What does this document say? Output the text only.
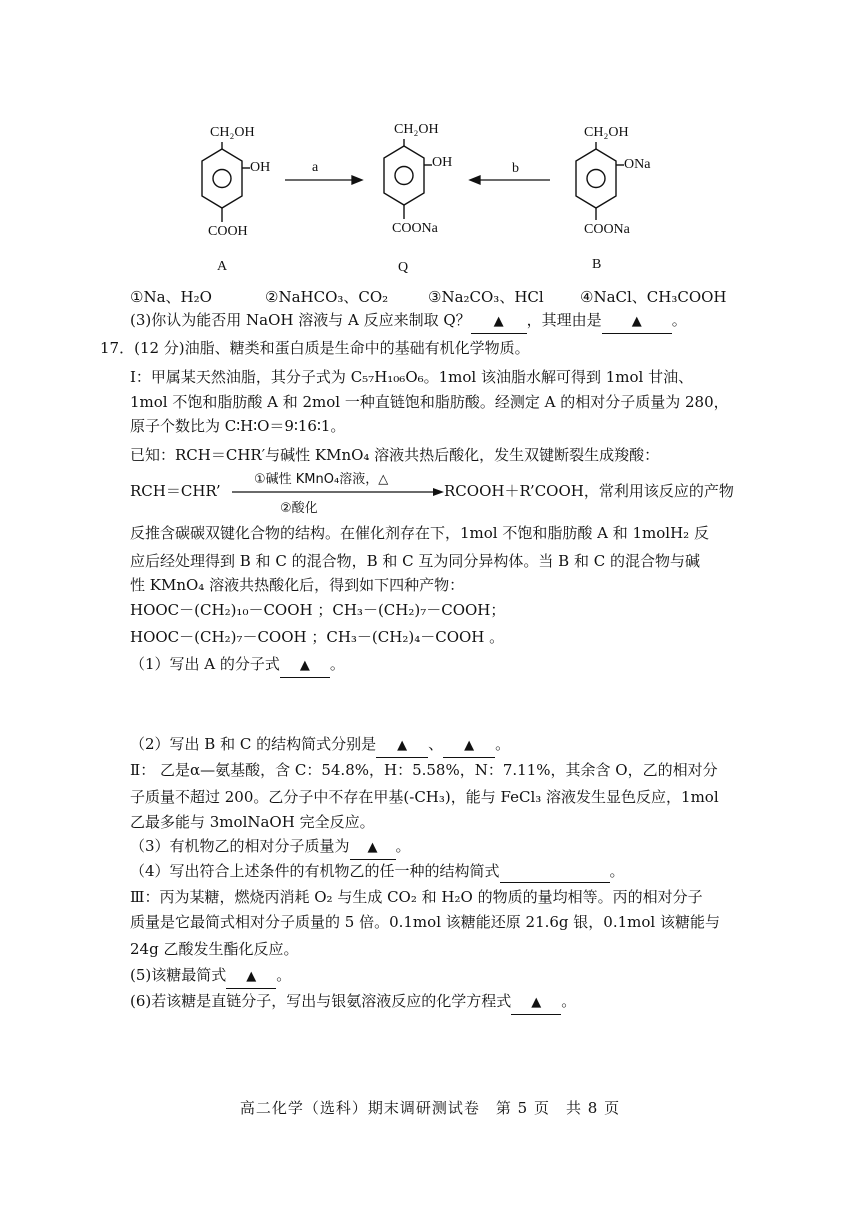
CH₂OH
OH
COOH
A
CH₂OH
OH
COONa
Q
CH₂OH
ONa
COONa
B
a	b
①Na、H₂O	②NaHCO₃、CO₂	③Na₂CO₃、HCl ④NaCl、CH₃COOH
(3)你认为能否用 NaOH 溶液与 A 反应来制取 Q？ ▲ ，其理由是 ▲ 。
17．(12 分)油脂、糖类和蛋白质是生命中的基础有机化学物质。
Ⅰ：甲属某天然油脂，其分子式为 C₅₇H₁₀₆O₆。1mol 该油脂水解可得到 1mol 甘油、
1mol 不饱和脂肪酸 A 和 2mol 一种直链饱和脂肪酸。经测定 A 的相对分子质量为 280，
原子个数比为 C∶H∶O＝9∶16∶1。
已知：RCH＝CHR′与碱性 KMnO₄ 溶液共热后酸化，发生双键断裂生成羧酸：
RCH＝CHR’
①碱性 KMnO₄溶液，△
②酸化
RCOOH＋R’COOH，常利用该反应的产物
反推含碳碳双键化合物的结构。在催化剂存在下，1mol 不饱和脂肪酸 A 和 1molH₂ 反
应后经处理得到 B 和 C 的混合物，B 和 C 互为同分异构体。当 B 和 C 的混合物与碱
性 KMnO₄ 溶液共热酸化后，得到如下四种产物：
HOOC－(CH₂)₁₀－COOH ；CH₃－(CH₂)₇－COOH；
HOOC－(CH₂)₇－COOH ；CH₃－(CH₂)₄－COOH 。
（1）写出 A 的分子式 ▲ 。
（2）写出 B 和 C 的结构简式分别是 ▲ 、 ▲ 。
Ⅱ： 乙是α—氨基酸，含 C：54.8%，H：5.58%，N：7.11%，其余含 O，乙的相对分
子质量不超过 200。乙分子中不存在甲基(-CH₃)，能与 FeCl₃ 溶液发生显色反应，1mol
乙最多能与 3molNaOH 完全反应。
（3）有机物乙的相对分子质量为 ▲ 。
（4）写出符合上述条件的有机物乙的任一种的结构简式	。
Ⅲ：丙为某糖，燃烧丙消耗 O₂ 与生成 CO₂ 和 H₂O 的物质的量均相等。丙的相对分子
质量是它最简式相对分子质量的 5 倍。0.1mol 该糖能还原 21.6g 银，0.1mol 该糖能与
24g 乙酸发生酯化反应。
(5)该糖最简式 ▲ 。
(6)若该糖是直链分子，写出与银氨溶液反应的化学方程式 ▲ 。
高二化学（选科）期末调研测试卷　第 5 页　共 8 页
